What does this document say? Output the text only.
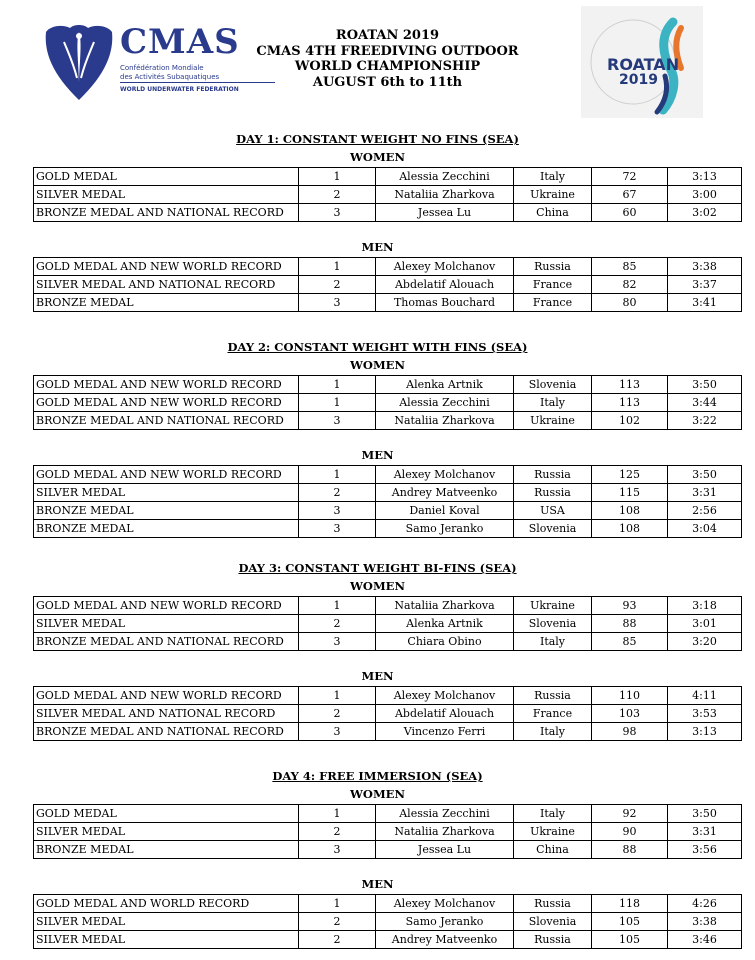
CMAS
Confédération Mondiale
des Activités Subaquatiques
WORLD UNDERWATER FEDERATION
ROATAN 2019
CMAS 4TH FREEDIVING OUTDOOR
WORLD CHAMPIONSHIP
AUGUST 6th to 11th
ROATAN
2019
DAY 1: CONSTANT WEIGHT NO FINS (SEA)
WOMEN
GOLD MEDAL	1	Alessia Zecchini	Italy	72	3:13
SILVER MEDAL	2	Nataliia Zharkova	Ukraine	67	3:00
BRONZE MEDAL AND NATIONAL RECORD	3	Jessea Lu	China	60	3:02
MEN
GOLD MEDAL AND NEW WORLD RECORD	1	Alexey Molchanov	Russia	85	3:38
SILVER MEDAL AND NATIONAL RECORD	2	Abdelatif Alouach	France	82	3:37
BRONZE MEDAL	3	Thomas Bouchard	France	80	3:41
DAY 2: CONSTANT WEIGHT WITH FINS (SEA)
WOMEN
GOLD MEDAL AND NEW WORLD RECORD	1	Alenka Artnik	Slovenia	113	3:50
GOLD MEDAL AND NEW WORLD RECORD	1	Alessia Zecchini	Italy	113	3:44
BRONZE MEDAL AND NATIONAL RECORD	3	Nataliia Zharkova	Ukraine	102	3:22
MEN
GOLD MEDAL AND NEW WORLD RECORD	1	Alexey Molchanov	Russia	125	3:50
SILVER MEDAL	2	Andrey Matveenko	Russia	115	3:31
BRONZE MEDAL	3	Daniel Koval	USA	108	2:56
BRONZE MEDAL	3	Samo Jeranko	Slovenia	108	3:04
DAY 3: CONSTANT WEIGHT BI-FINS (SEA)
WOMEN
GOLD MEDAL AND NEW WORLD RECORD	1	Nataliia Zharkova	Ukraine	93	3:18
SILVER MEDAL	2	Alenka Artnik	Slovenia	88	3:01
BRONZE MEDAL AND NATIONAL RECORD	3	Chiara Obino	Italy	85	3:20
MEN
GOLD MEDAL AND NEW WORLD RECORD	1	Alexey Molchanov	Russia	110	4:11
SILVER MEDAL AND NATIONAL RECORD	2	Abdelatif Alouach	France	103	3:53
BRONZE MEDAL AND NATIONAL RECORD	3	Vincenzo Ferri	Italy	98	3:13
DAY 4: FREE IMMERSION (SEA)
WOMEN
GOLD MEDAL	1	Alessia Zecchini	Italy	92	3:50
SILVER MEDAL	2	Nataliia Zharkova	Ukraine	90	3:31
BRONZE MEDAL	3	Jessea Lu	China	88	3:56
MEN
GOLD MEDAL AND WORLD RECORD	1	Alexey Molchanov	Russia	118	4:26
SILVER MEDAL	2	Samo Jeranko	Slovenia	105	3:38
SILVER MEDAL	2	Andrey Matveenko	Russia	105	3:46
